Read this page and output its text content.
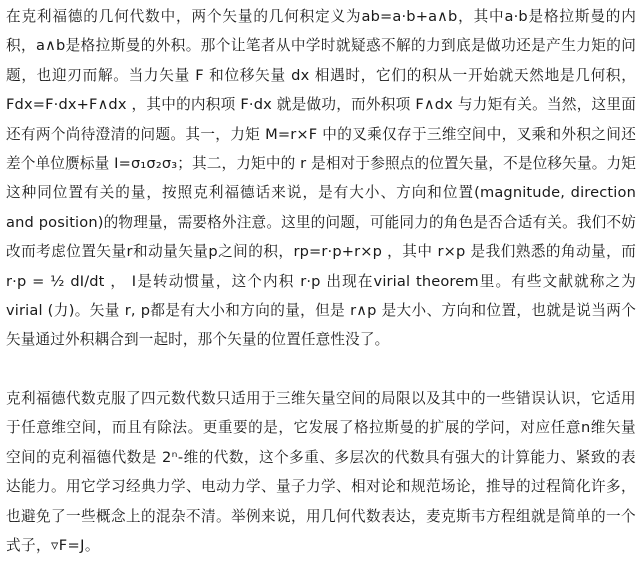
在克利福德的几何代数中，两个矢量的几何积定义为ab=a·b+a∧b，其中a·b是格拉斯曼的内积，a∧b是格拉斯曼的外积。那个让笔者从中学时就疑惑不解的力到底是做功还是产生力矩的问题，也迎刃而解。当力矢量 F 和位移矢量 dx 相遇时，它们的积从一开始就天然地是几何积，Fdx=F·dx+F∧dx ，其中的内积项 F·dx 就是做功，而外积项 F∧dx 与力矩有关。当然，这里面还有两个尚待澄清的问题。其一，力矩 M=r×F 中的叉乘仅存于三维空间中，叉乘和外积之间还差个单位赝标量 I=σ₁σ₂σ₃；其二，力矩中的 r 是相对于参照点的位置矢量，不是位移矢量。力矩这种同位置有关的量，按照克利福德话来说，是有大小、方向和位置(magnitude, direction and position)的物理量，需要格外注意。这里的问题，可能同力的角色是否合适有关。我们不妨改而考虑位置矢量r和动量矢量p之间的积，rp=r·p+r×p ，其中 r×p 是我们熟悉的角动量，而 r·p = ½ dI/dt ， I是转动惯量，这个内积 r·p 出现在virial theorem里。有些文献就称之为virial (力)。矢量 r, p都是有大小和方向的量，但是 r∧p 是大小、方向和位置，也就是说当两个矢量通过外积耦合到一起时，那个矢量的位置任意性没了。

克利福德代数克服了四元数代数只适用于三维矢量空间的局限以及其中的一些错误认识，它适用于任意维空间，而且有除法。更重要的是，它发展了格拉斯曼的扩展的学问，对应任意n维矢量空间的克利福德代数是 2ⁿ-维的代数，这个多重、多层次的代数具有强大的计算能力、紧致的表达能力。用它学习经典力学、电动力学、量子力学、相对论和规范场论，推导的过程简化许多，也避免了一些概念上的混杂不清。举例来说，用几何代数表达，麦克斯韦方程组就是简单的一个式子，▿F=J。
